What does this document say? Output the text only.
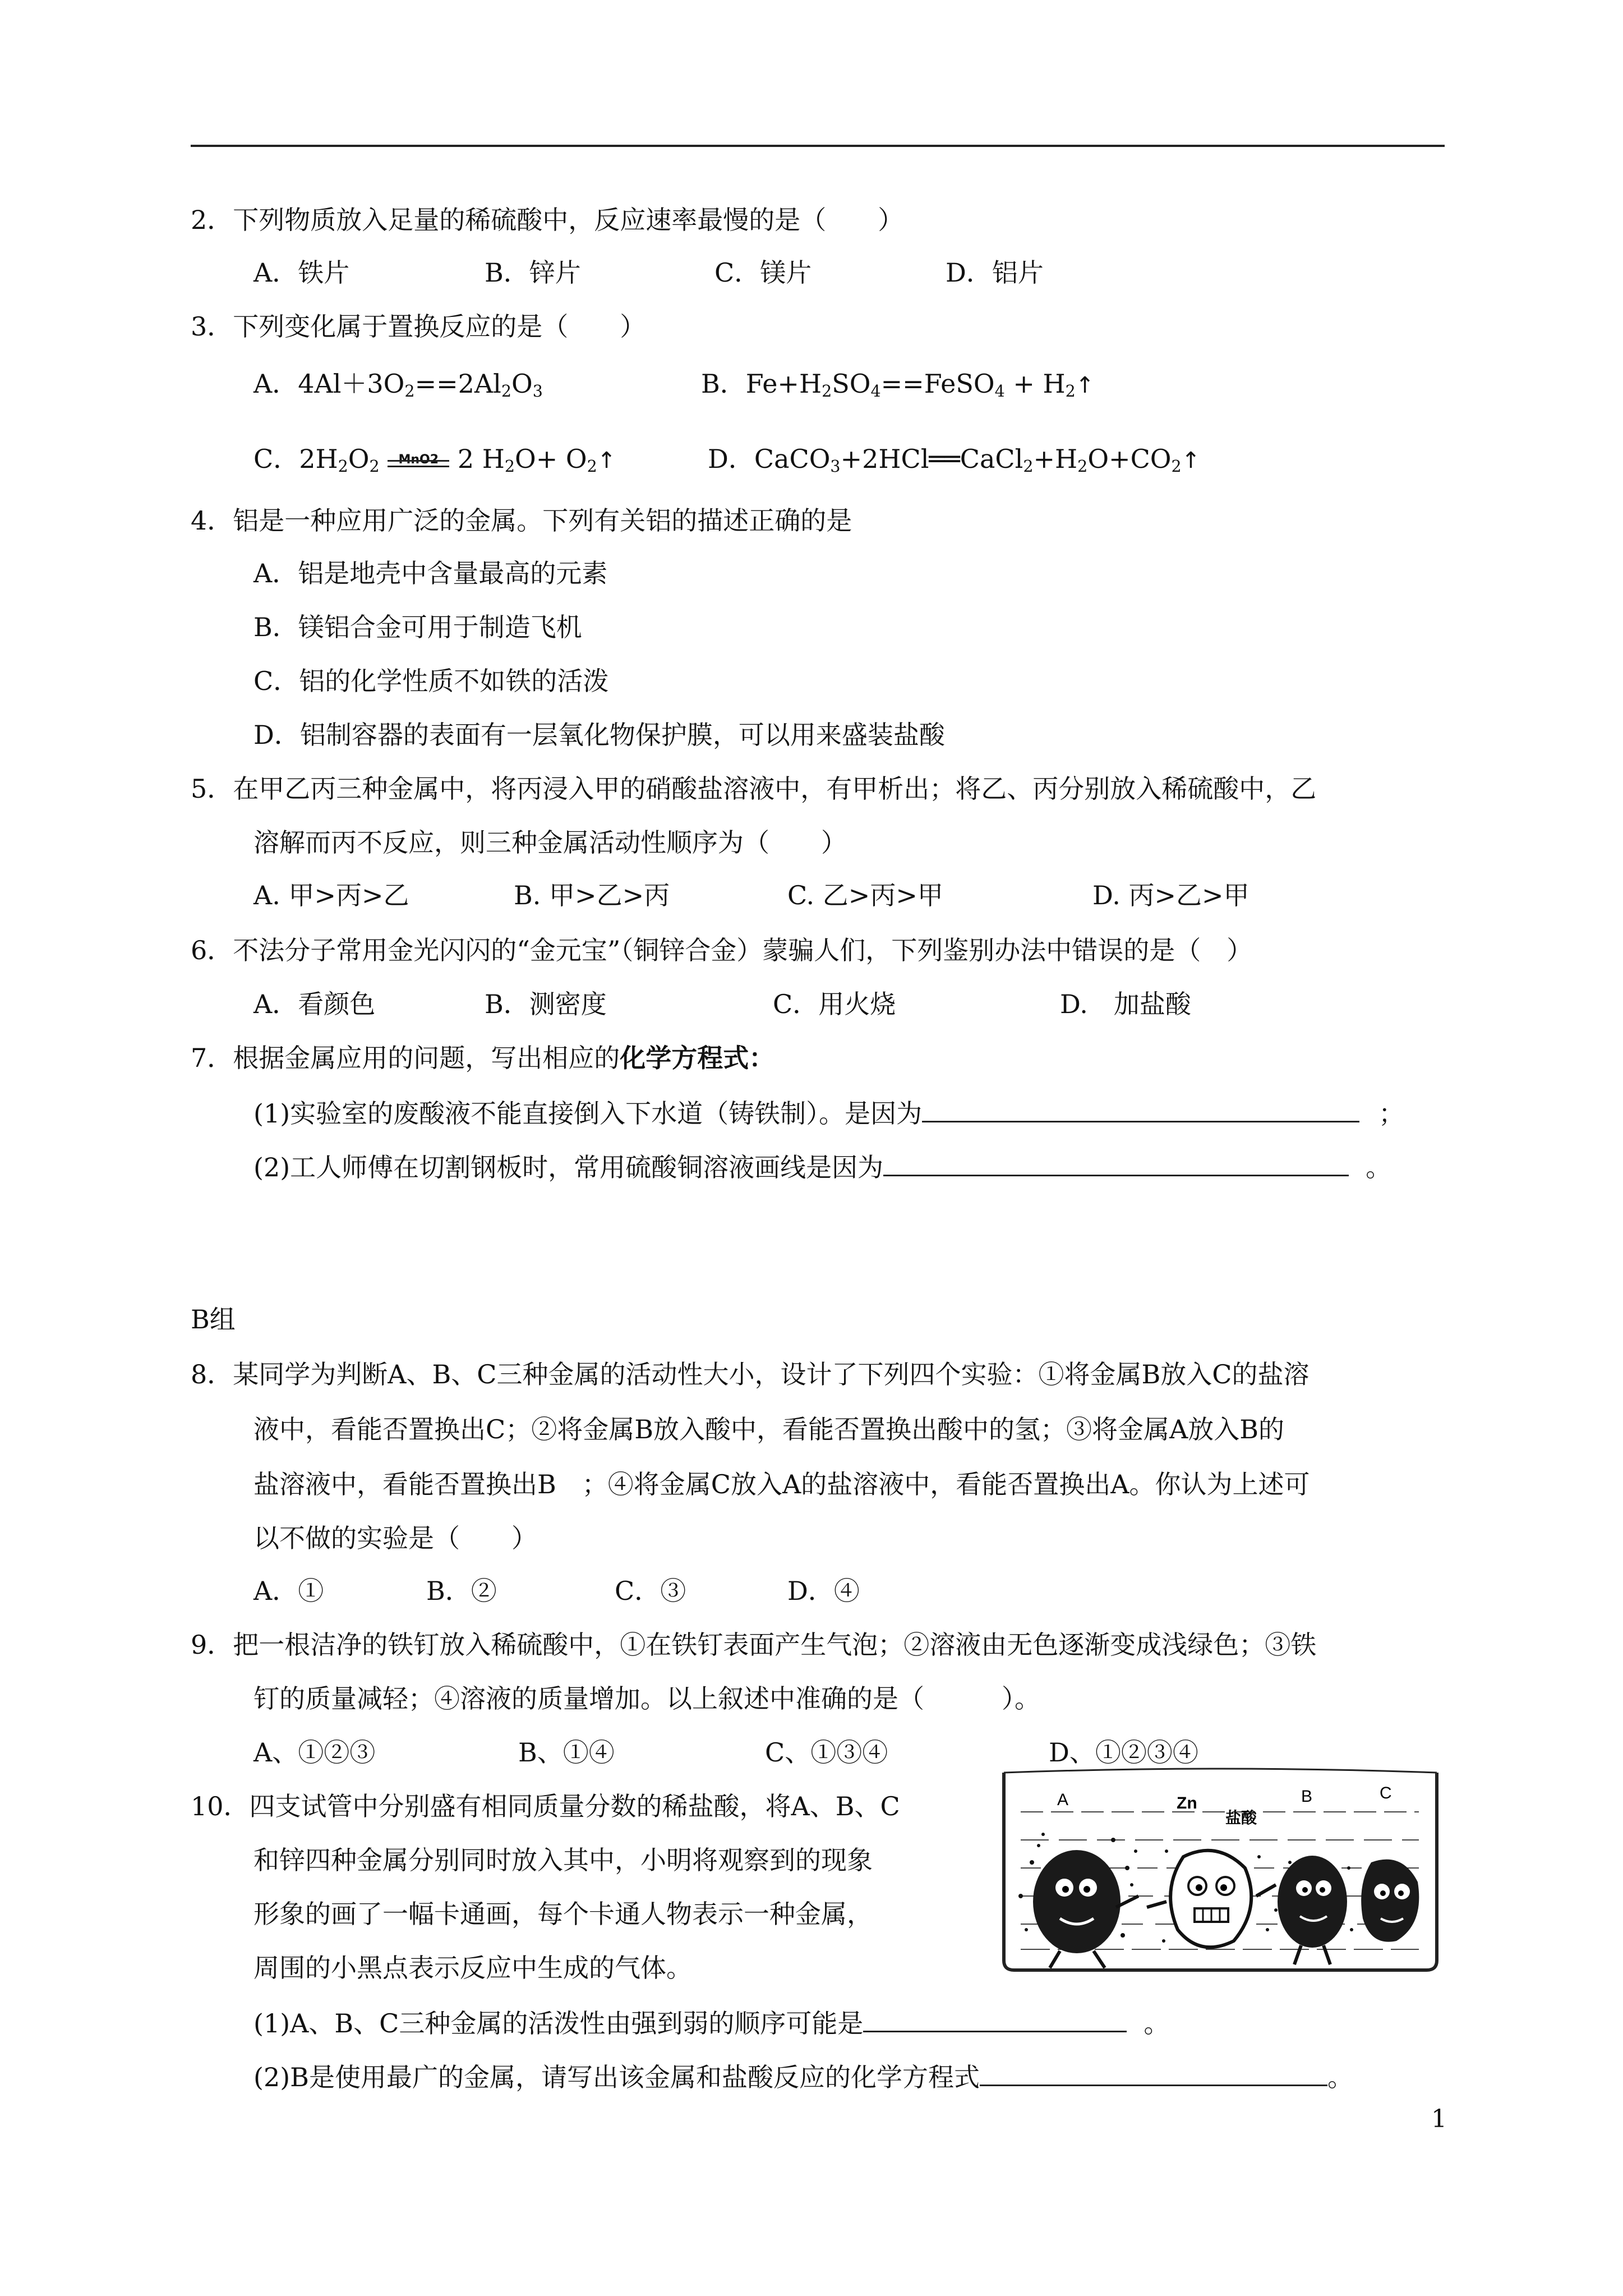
2．下列物质放入足量的稀硫酸中，反应速率最慢的是（　　）
A．铁片	B．锌片	C．镁片	D．铝片
3．下列变化属于置换反应的是（　　）
A．$4Al+3O_2==2Al_2O_3$	B．$Fe+H_2SO_4==FeSO_4$ + $H_2↑$
C．$2H_2O_2$	MnO2 2 $H_2O+$ $O_2↑$	D．$CaCO_3+2HCl══CaCl_2+H_2O+CO_2↑$
4．铝是一种应用广泛的金属。下列有关铝的描述正确的是
A．铝是地壳中含量最高的元素
B．镁铝合金可用于制造飞机
C．铝的化学性质不如铁的活泼
D．铝制容器的表面有一层氧化物保护膜，可以用来盛装盐酸
5．在甲乙丙三种金属中，将丙浸入甲的硝酸盐溶液中，有甲析出；将乙、丙分别放入稀硫酸中，乙
溶解而丙不反应，则三种金属活动性顺序为（　　）
A. 甲>丙>乙	B. 甲>乙>丙	C. 乙>丙>甲	D. 丙>乙>甲
6．不法分子常用金光闪闪的“金元宝”（铜锌合金）蒙骗人们，下列鉴别办法中错误的是（　）
A．看颜色	B．测密度	C．用火烧	D.　加盐酸
7．根据金属应用的问题，写出相应的化学方程式：
(1)实验室的废酸液不能直接倒入下水道（铸铁制）。是因为	；
(2)工人师傅在切割钢板时，常用硫酸铜溶液画线是因为	。
B组
8．某同学为判断A、B、C三种金属的活动性大小，设计了下列四个实验：①将金属B放入C的盐溶
液中，看能否置换出C；②将金属B放入酸中，看能否置换出酸中的氢；③将金属A放入B的
盐溶液中，看能否置换出B　；④将金属C放入A的盐溶液中，看能否置换出A。你认为上述可
以不做的实验是（　　）
A．①	B．②	C．③	D．④
9．把一根洁净的铁钉放入稀硫酸中，①在铁钉表面产生气泡；②溶液由无色逐渐变成浅绿色；③铁
钉的质量减轻；④溶液的质量增加。以上叙述中准确的是（　　　）。
A、①②③	B、①④	C、①③④	D、①②③④
10．四支试管中分别盛有相同质量分数的稀盐酸，将A、B、C
和锌四种金属分别同时放入其中，小明将观察到的现象
形象的画了一幅卡通画，每个卡通人物表示一种金属，
周围的小黑点表示反应中生成的气体。
(1)A、B、C三种金属的活泼性由强到弱的顺序可能是	。
(2)B是使用最广的金属，请写出该金属和盐酸反应的化学方程式	。
A	Zn
盐酸
B	C
1
